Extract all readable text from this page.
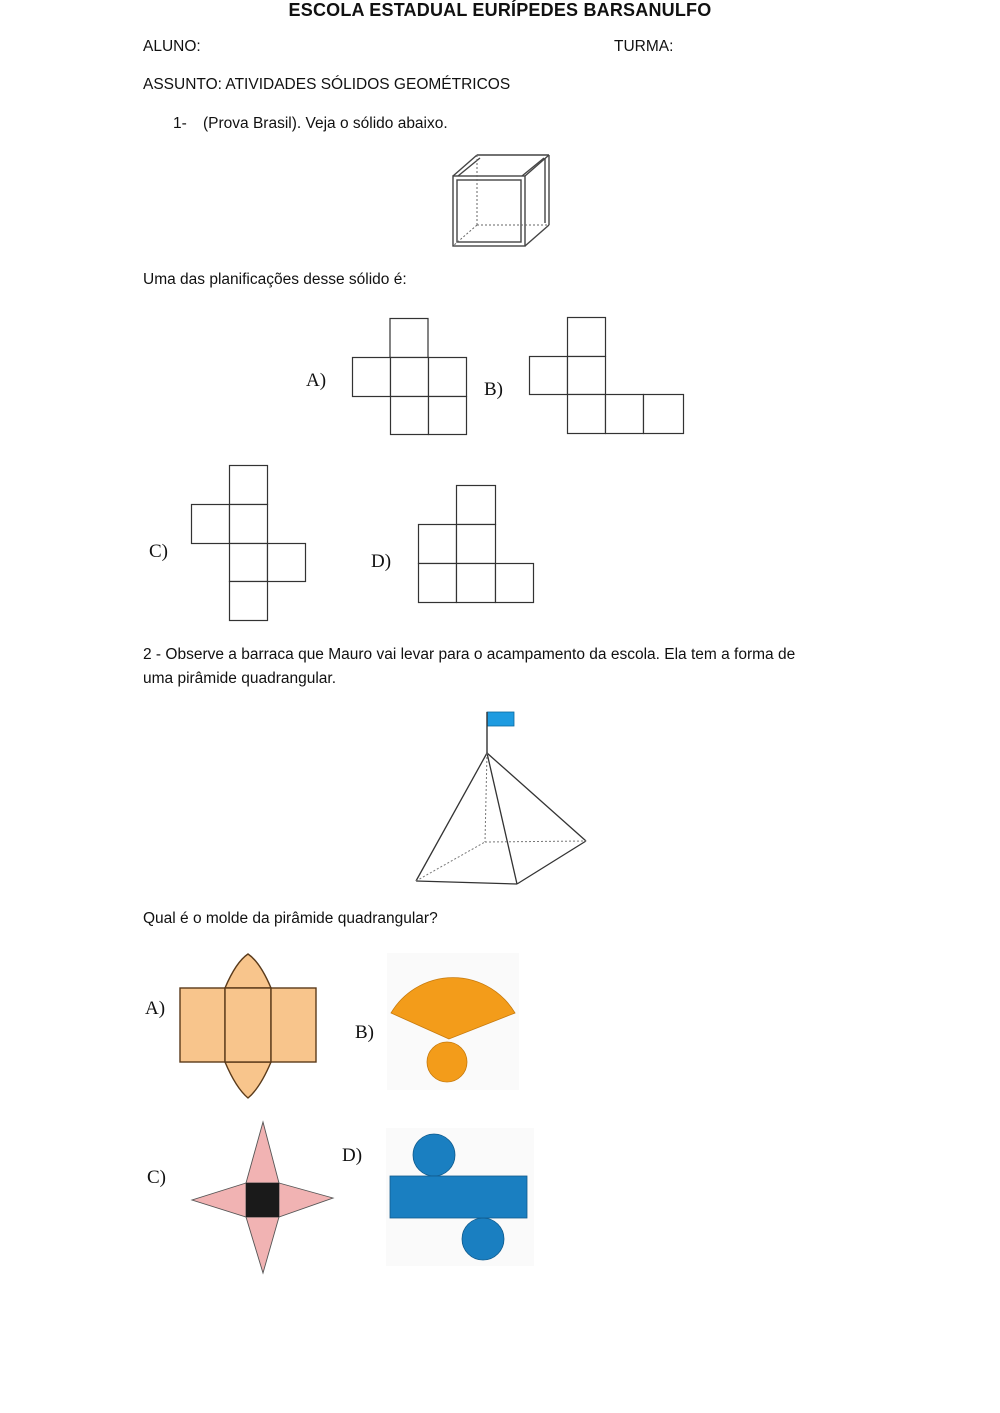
ESCOLA ESTADUAL EURÍPEDES BARSANULFO
ALUNO:	TURMA:
ASSUNTO: ATIVIDADES SÓLIDOS GEOMÉTRICOS
1- (Prova Brasil). Veja o sólido abaixo.
Uma das planificações desse sólido é:
A)	B)
C)	D)
2 - Observe a barraca que Mauro vai levar para o acampamento da escola. Ela tem a forma de
uma pirâmide quadrangular.
Qual é o molde da pirâmide quadrangular?
A)
B)
C)
D)
